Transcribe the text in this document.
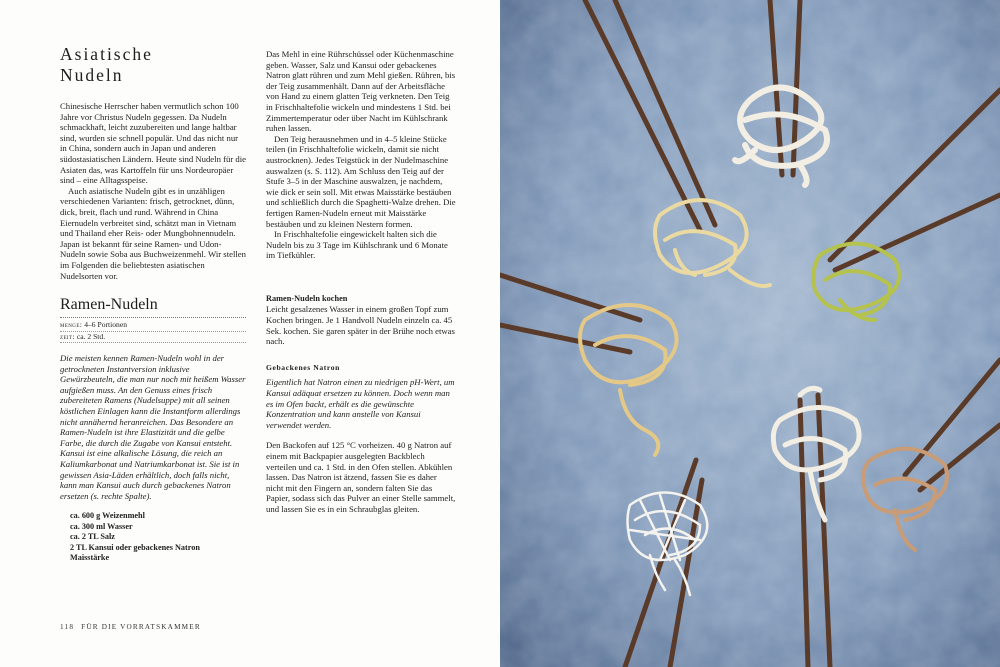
Asiatische
Nudeln

Chinesische Herrscher haben vermutlich schon 100 Jahre vor Christus Nudeln gegessen. Da Nudeln schmackhaft, leicht zuzubereiten und lange haltbar sind, wurden sie schnell populär. Und das nicht nur in China, sondern auch in Japan und anderen südostasiatischen Ländern. Heute sind Nudeln für die Asiaten das, was Kartoffeln für uns Nordeuropäer sind – eine Alltagsspeise.

Auch asiatische Nudeln gibt es in unzähligen verschiedenen Varianten: frisch, getrocknet, dünn, dick, breit, flach und rund. Während in China Eiernudeln verbreitet sind, schätzt man in Vietnam und Thailand eher Reis- oder Mungbohnennudeln. Japan ist bekannt für seine Ramen- und Udon-Nudeln sowie Soba aus Buchweizenmehl. Wir stellen im Folgenden die beliebtesten asiatischen Nudelsorten vor.

Ramen-Nudeln
menge: 4–6 Portionen
zeit: ca. 2 Std.

Die meisten kennen Ramen-Nudeln wohl in der getrockneten Instantversion inklusive Gewürzbeuteln, die man nur noch mit heißem Wasser aufgießen muss. An den Genuss eines frisch zubereiteten Ramens (Nudelsuppe) mit all seinen köstlichen Einlagen kann die Instantform allerdings nicht annähernd heranreichen. Das Besondere an Ramen-Nudeln ist ihre Elastizität und die gelbe Farbe, die durch die Zugabe von Kansui entsteht. Kansui ist eine alkalische Lösung, die reich an Kaliumkarbonat und Natriumkarbonat ist. Sie ist in gewissen Asia-Läden erhältlich, doch falls nicht, kann man Kansui auch durch gebackenes Natron ersetzen (s. rechte Spalte).

ca. 600 g Weizenmehl
ca. 300 ml Wasser
ca. 2 TL Salz
2 TL Kansui oder gebackenes Natron
Maisstärke

Das Mehl in eine Rührschüssel oder Küchenmaschine geben. Wasser, Salz und Kansui oder gebackenes Natron glatt rühren und zum Mehl gießen. Rühren, bis der Teig zusammenhält. Dann auf der Arbeitsfläche von Hand zu einem glatten Teig verkneten. Den Teig in Frischhaltefolie wickeln und mindestens 1 Std. bei Zimmertemperatur oder über Nacht im Kühlschrank ruhen lassen.

Den Teig herausnehmen und in 4–5 kleine Stücke teilen (in Frischhaltefolie wickeln, damit sie nicht austrocknen). Jedes Teigstück in der Nudelmaschine auswalzen (s. S. 112). Am Schluss den Teig auf der Stufe 3–5 in der Maschine auswalzen, je nachdem, wie dick er sein soll. Mit etwas Maisstärke bestäuben und schließlich durch die Spaghetti-Walze drehen. Die fertigen Ramen-Nudeln erneut mit Maisstärke bestäuben und zu kleinen Nestern formen.

In Frischhaltefolie eingewickelt halten sich die Nudeln bis zu 3 Tage im Kühlschrank und 6 Monate im Tiefkühler.

Ramen-Nudeln kochen

Leicht gesalzenes Wasser in einem großen Topf zum Kochen bringen. Je 1 Handvoll Nudeln einzeln ca. 45 Sek. kochen. Sie garen später in der Brühe noch etwas nach.

Gebackenes Natron

Eigentlich hat Natron einen zu niedrigen pH-Wert, um Kansui adäquat ersetzen zu können. Doch wenn man es im Ofen backt, erhält es die gewünschte Konzentration und kann anstelle von Kansui verwendet werden.

Den Backofen auf 125 °C vorheizen. 40 g Natron auf einem mit Backpapier ausgelegten Backblech verteilen und ca. 1 Std. in den Ofen stellen. Abkühlen lassen. Das Natron ist ätzend, fassen Sie es daher nicht mit den Fingern an, sondern falten Sie das Papier, sodass sich das Pulver an einer Stelle sammelt, und lassen Sie es in ein Schraubglas gleiten.

118 FÜR DIE VORRATSKAMMER
